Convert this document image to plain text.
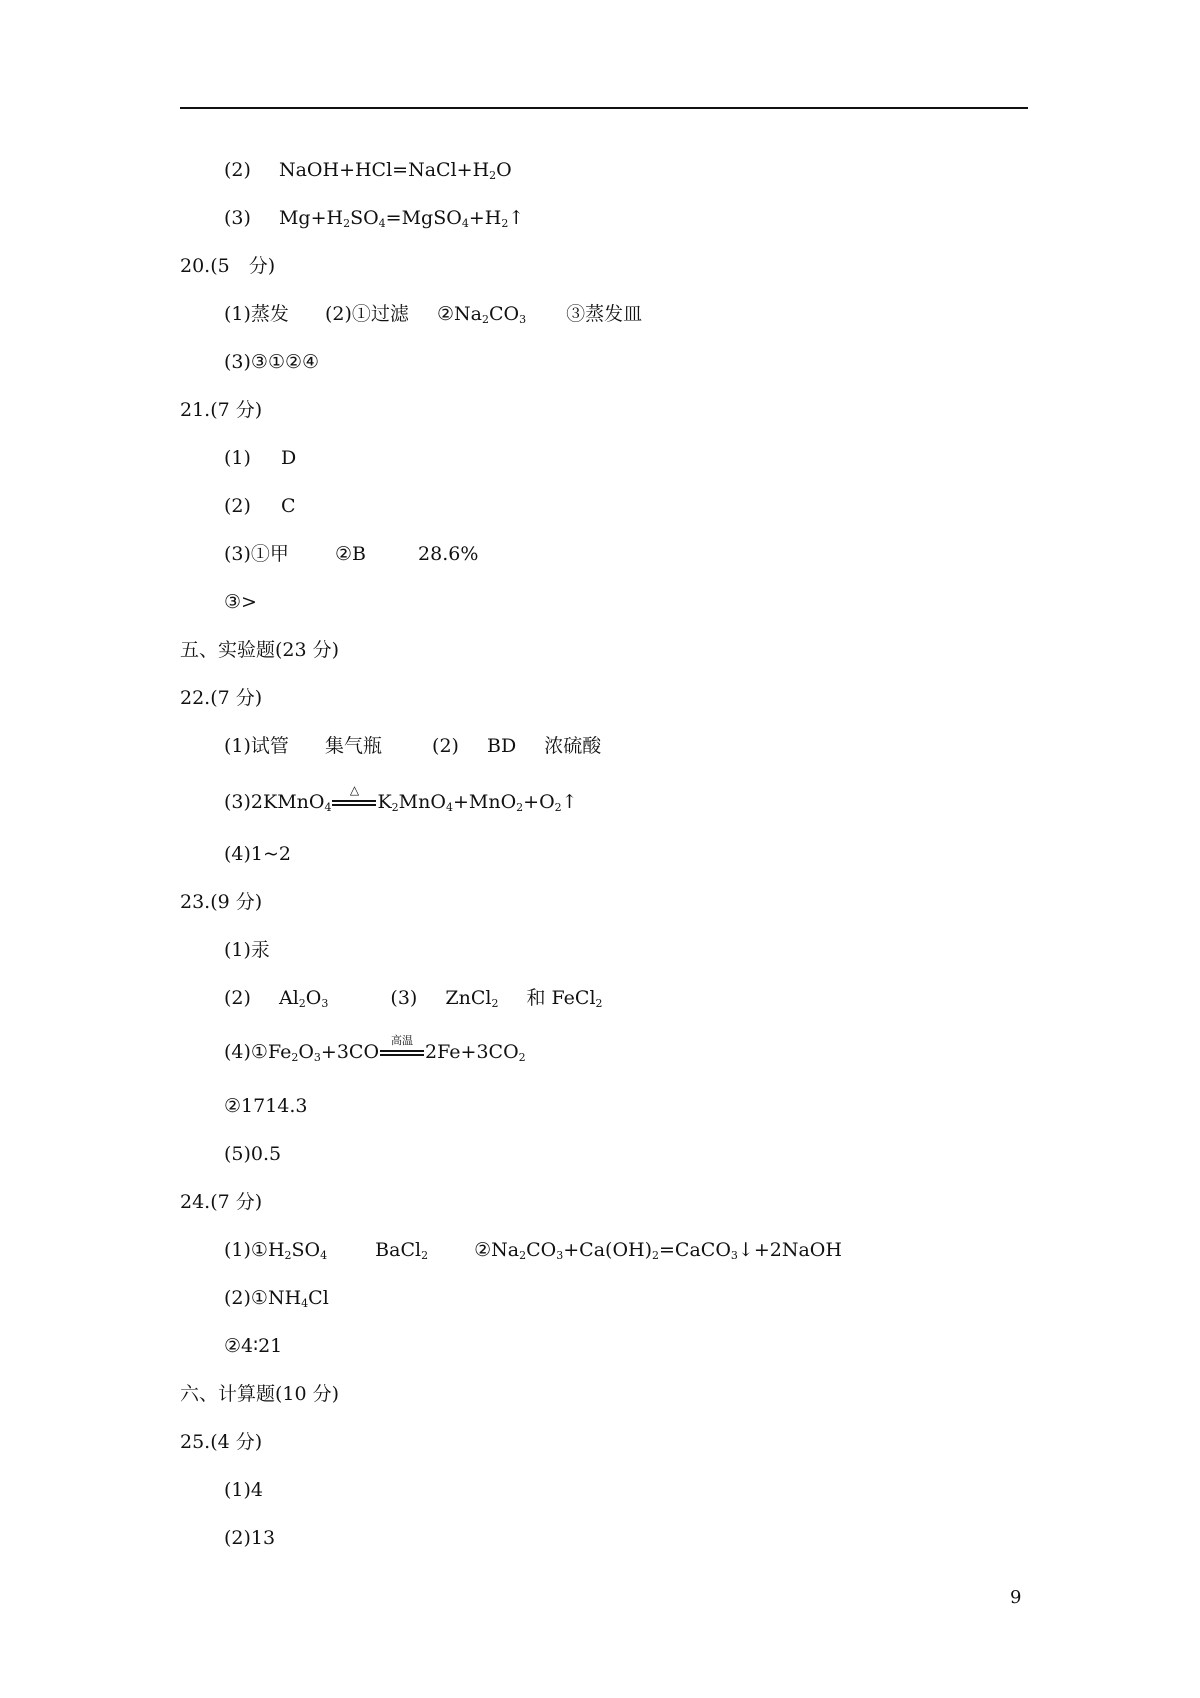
(2) $NaOH+HCl=NaCl+H_2O$
(3) $Mg+H_2SO_4=MgSO_4+H_2↑$
20.(5　分)
(1)蒸发 (2)①过滤 $②Na_2CO_3$ ③蒸发皿
(3)③①②④
21.(7 分)
(1) D
(2) C
(3)①甲 ②B	28.6%
③>
五、实验题(23 分)
22.(7 分)
(1)试管 集气瓶	(2) BD 浓硫酸
(3)2KMnO$_4$
△
$K_2MnO_4+MnO_2+O_2↑$
(4)1~2
23.(9 分)
(1)汞
(2) $Al_2O_3$	(3) ZnCl$_2$ 和 FeCl$_2$
$(4)①Fe_2O_3+3CO$
高温
$2Fe+3CO_2$
②1714.3
(5)0.5
24.(7 分)
$(1)①H_2SO_4$	BaCl$_2$ $②Na_2CO_3+Ca(OH)_2=CaCO_3↓+2NaOH$
$(2)①NH_4Cl$
②4∶21
六、计算题(10 分)
25.(4 分)
(1)4
(2)13
9
